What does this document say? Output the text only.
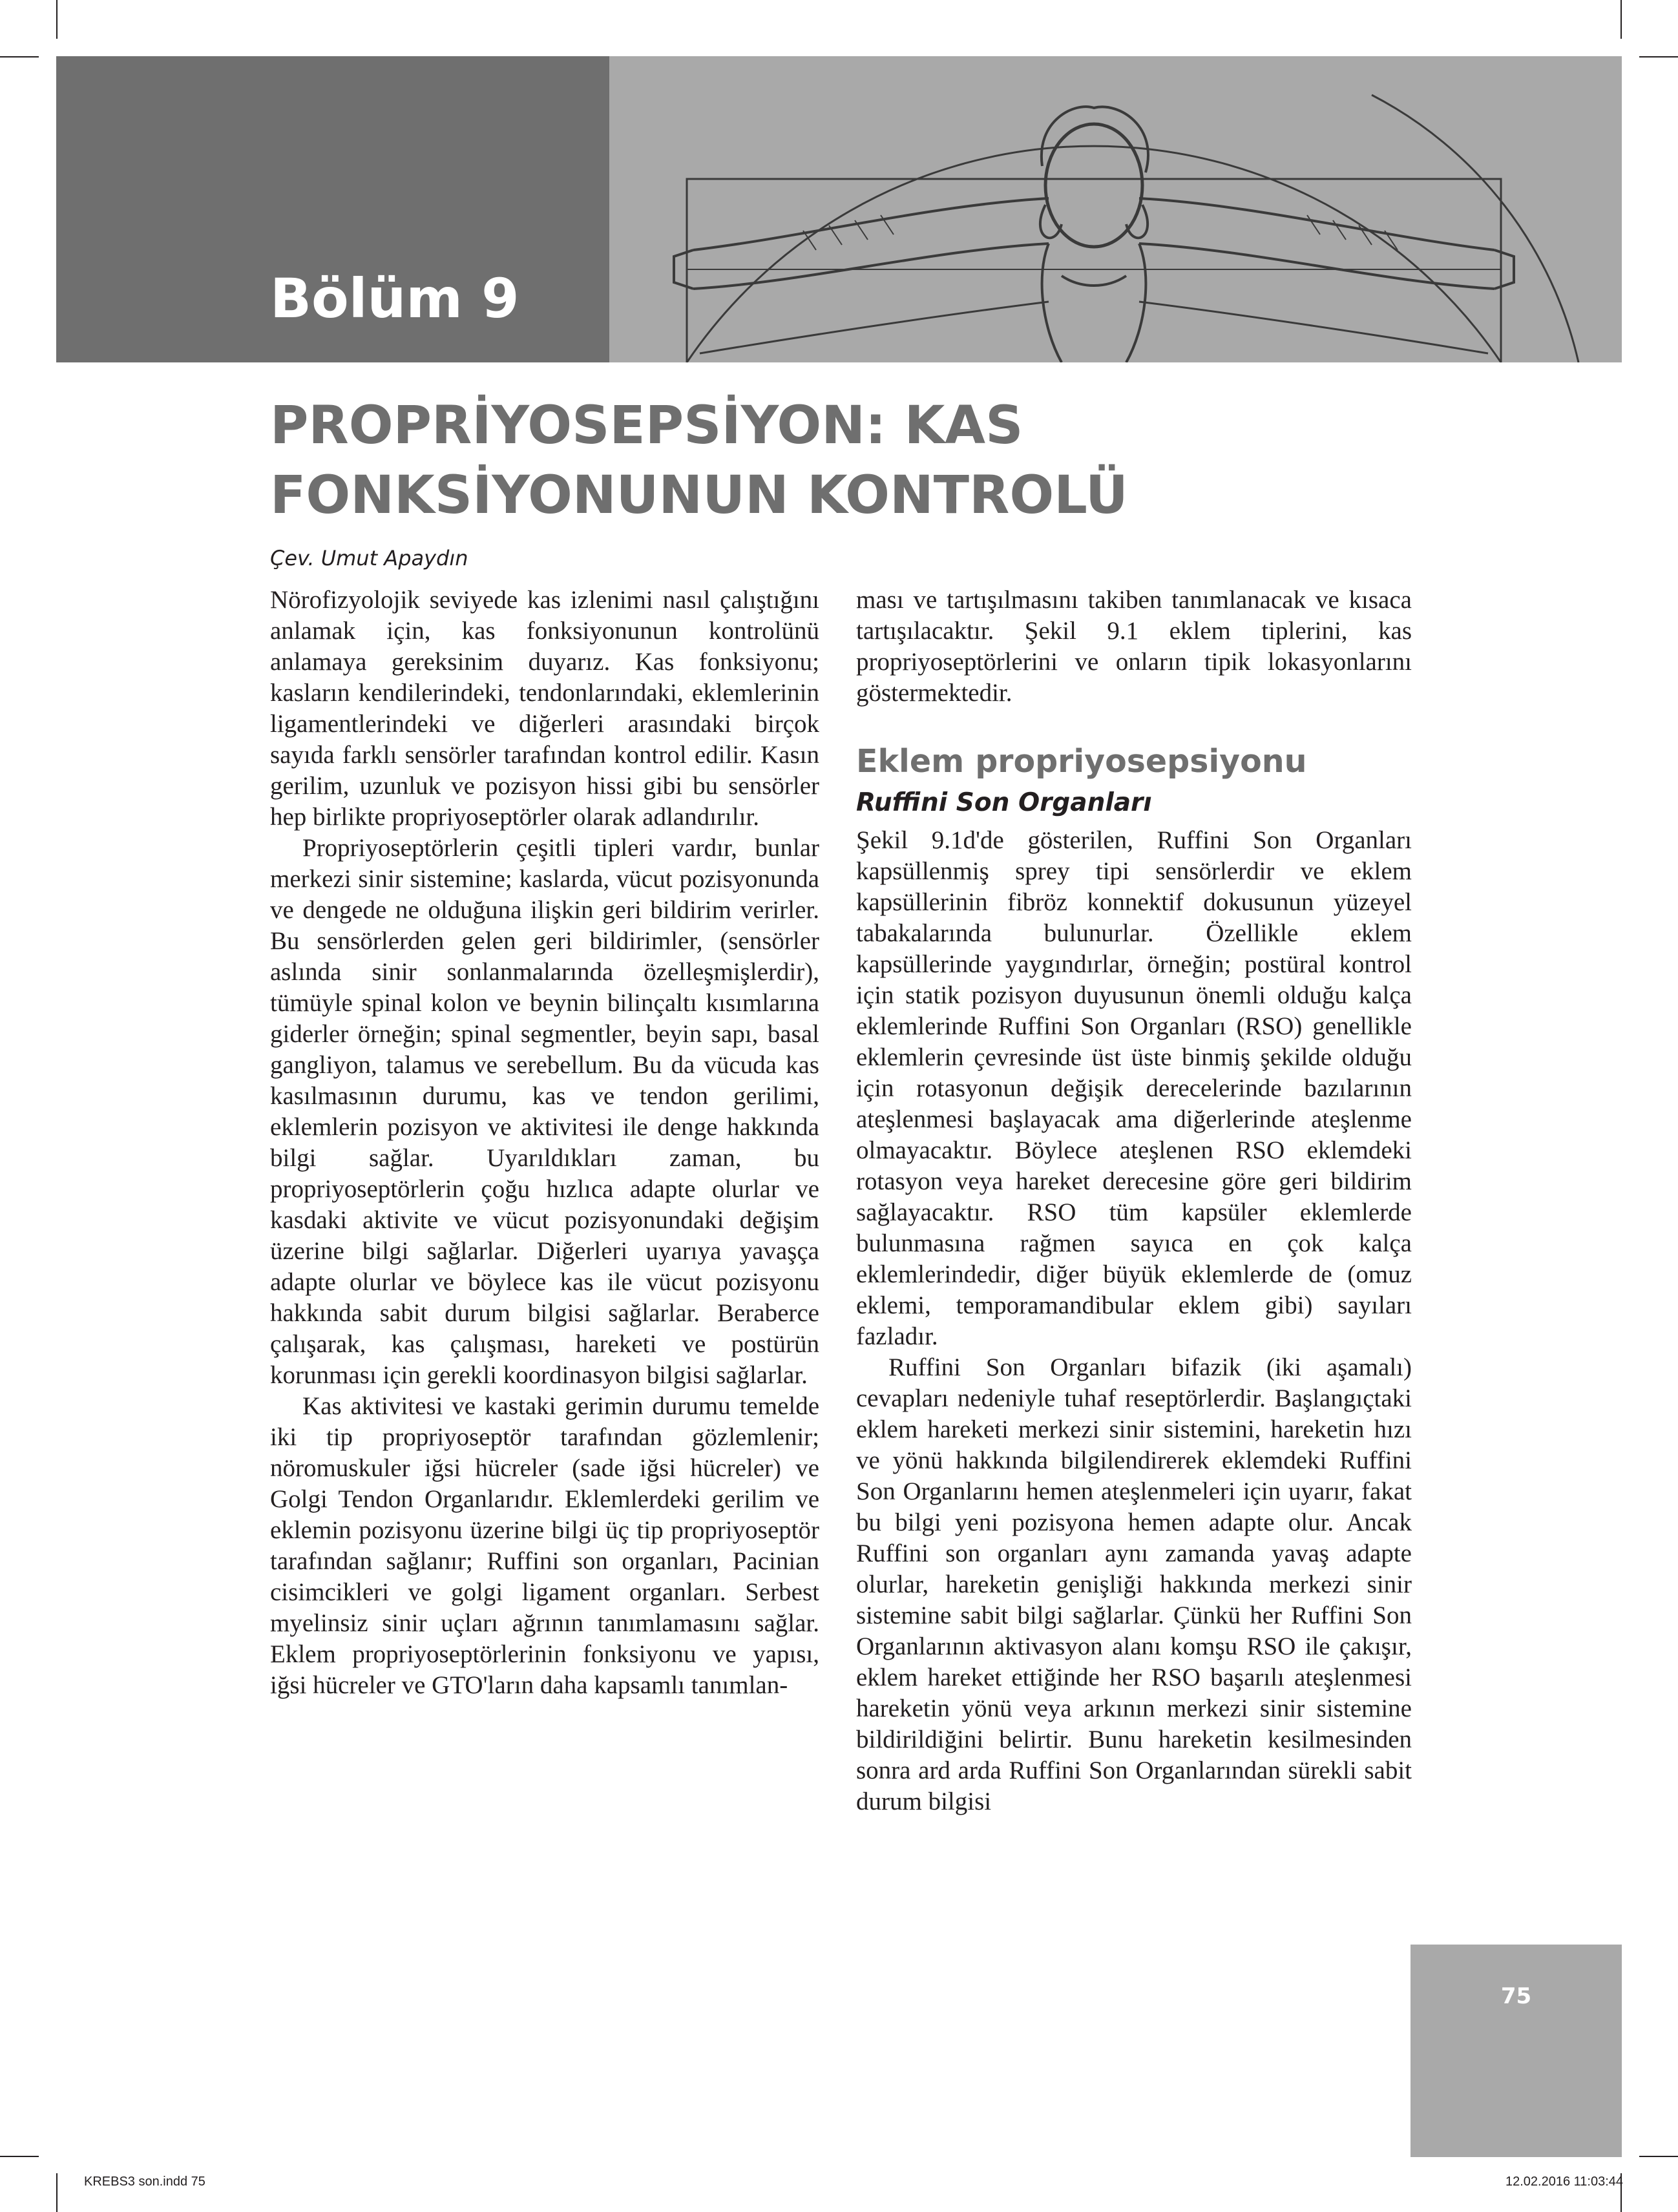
Bölüm 9
PROPRİYOSEPSİYON: KAS FONKSİYONUNUN KONTROLÜ

Çev. Umut Apaydın

Nörofizyolojik seviyede kas izlenimi nasıl çalıştığını anlamak için, kas fonksiyonunun kontrolünü anlamaya gereksinim duyarız. Kas fonksiyonu; kasların kendilerindeki, tendonlarındaki, eklemlerinin ligamentlerindeki ve diğerleri arasındaki birçok sayıda farklı sensörler tarafından kontrol edilir. Kasın gerilim, uzunluk ve pozisyon hissi gibi bu sensörler hep birlikte propriyoseptörler olarak adlandırılır.

Propriyoseptörlerin çeşitli tipleri vardır, bunlar merkezi sinir sistemine; kaslarda, vücut pozisyonunda ve dengede ne olduğuna ilişkin geri bildirim verirler. Bu sensörlerden gelen geri bildirimler, (sensörler aslında sinir sonlanmalarında özelleşmişlerdir), tümüyle spinal kolon ve beynin bilinçaltı kısımlarına giderler örneğin; spinal segmentler, beyin sapı, basal gangliyon, talamus ve serebellum. Bu da vücuda kas kasılmasının durumu, kas ve tendon gerilimi, eklemlerin pozisyon ve aktivitesi ile denge hakkında bilgi sağlar. Uyarıldıkları zaman, bu propriyoseptörlerin çoğu hızlıca adapte olurlar ve kasdaki aktivite ve vücut pozisyonundaki değişim üzerine bilgi sağlarlar. Diğerleri uyarıya yavaşça adapte olurlar ve böylece kas ile vücut pozisyonu hakkında sabit durum bilgisi sağlarlar. Beraberce çalışarak, kas çalışması, hareketi ve postürün korunması için gerekli koordinasyon bilgisi sağlarlar.

Kas aktivitesi ve kastaki gerimin durumu temelde iki tip propriyoseptör tarafından gözlemlenir; nöromuskuler iğsi hücreler (sade iğsi hücreler) ve Golgi Tendon Organlarıdır. Eklemlerdeki gerilim ve eklemin pozisyonu üzerine bilgi üç tip propriyoseptör tarafından sağlanır; Ruffini son organları, Pacinian cisimcikleri ve golgi ligament organları. Serbest myelinsiz sinir uçları ağrının tanımlamasını sağlar. Eklem propriyoseptörlerinin fonksiyonu ve yapısı, iğsi hücreler ve GTO'ların daha kapsamlı tanımlan-

ması ve tartışılmasını takiben tanımlanacak ve kısaca tartışılacaktır. Şekil 9.1 eklem tiplerini, kas propriyoseptörlerini ve onların tipik lokasyonlarını göstermektedir.

Eklem propriyosepsiyonu
Ruffini Son Organları

Şekil 9.1d'de gösterilen, Ruffini Son Organları kapsüllenmiş sprey tipi sensörlerdir ve eklem kapsüllerinin fibröz konnektif dokusunun yüzeyel tabakalarında bulunurlar. Özellikle eklem kapsüllerinde yaygındırlar, örneğin; postüral kontrol için statik pozisyon duyusunun önemli olduğu kalça eklemlerinde Ruffini Son Organları (RSO) genellikle eklemlerin çevresinde üst üste binmiş şekilde olduğu için rotasyonun değişik derecelerinde bazılarının ateşlenmesi başlayacak ama diğerlerinde ateşlenme olmayacaktır. Böylece ateşlenen RSO eklemdeki rotasyon veya hareket derecesine göre geri bildirim sağlayacaktır. RSO tüm kapsüler eklemlerde bulunmasına rağmen sayıca en çok kalça eklemlerindedir, diğer büyük eklemlerde de (omuz eklemi, temporamandibular eklem gibi) sayıları fazladır.

Ruffini Son Organları bifazik (iki aşamalı) cevapları nedeniyle tuhaf reseptörlerdir. Başlangıçtaki eklem hareketi merkezi sinir sistemini, hareketin hızı ve yönü hakkında bilgilendirerek eklemdeki Ruffini Son Organlarını hemen ateşlenmeleri için uyarır, fakat bu bilgi yeni pozisyona hemen adapte olur. Ancak Ruffini son organları aynı zamanda yavaş adapte olurlar, hareketin genişliği hakkında merkezi sinir sistemine sabit bilgi sağlarlar. Çünkü her Ruffini Son Organlarının aktivasyon alanı komşu RSO ile çakışır, eklem hareket ettiğinde her RSO başarılı ateşlenmesi hareketin yönü veya arkının merkezi sinir sistemine bildirildiğini belirtir. Bunu hareketin kesilmesinden sonra ard arda Ruffini Son Organlarından sürekli sabit durum bilgisi

75

KREBS3 son.indd 75	12.02.2016 11:03:44
